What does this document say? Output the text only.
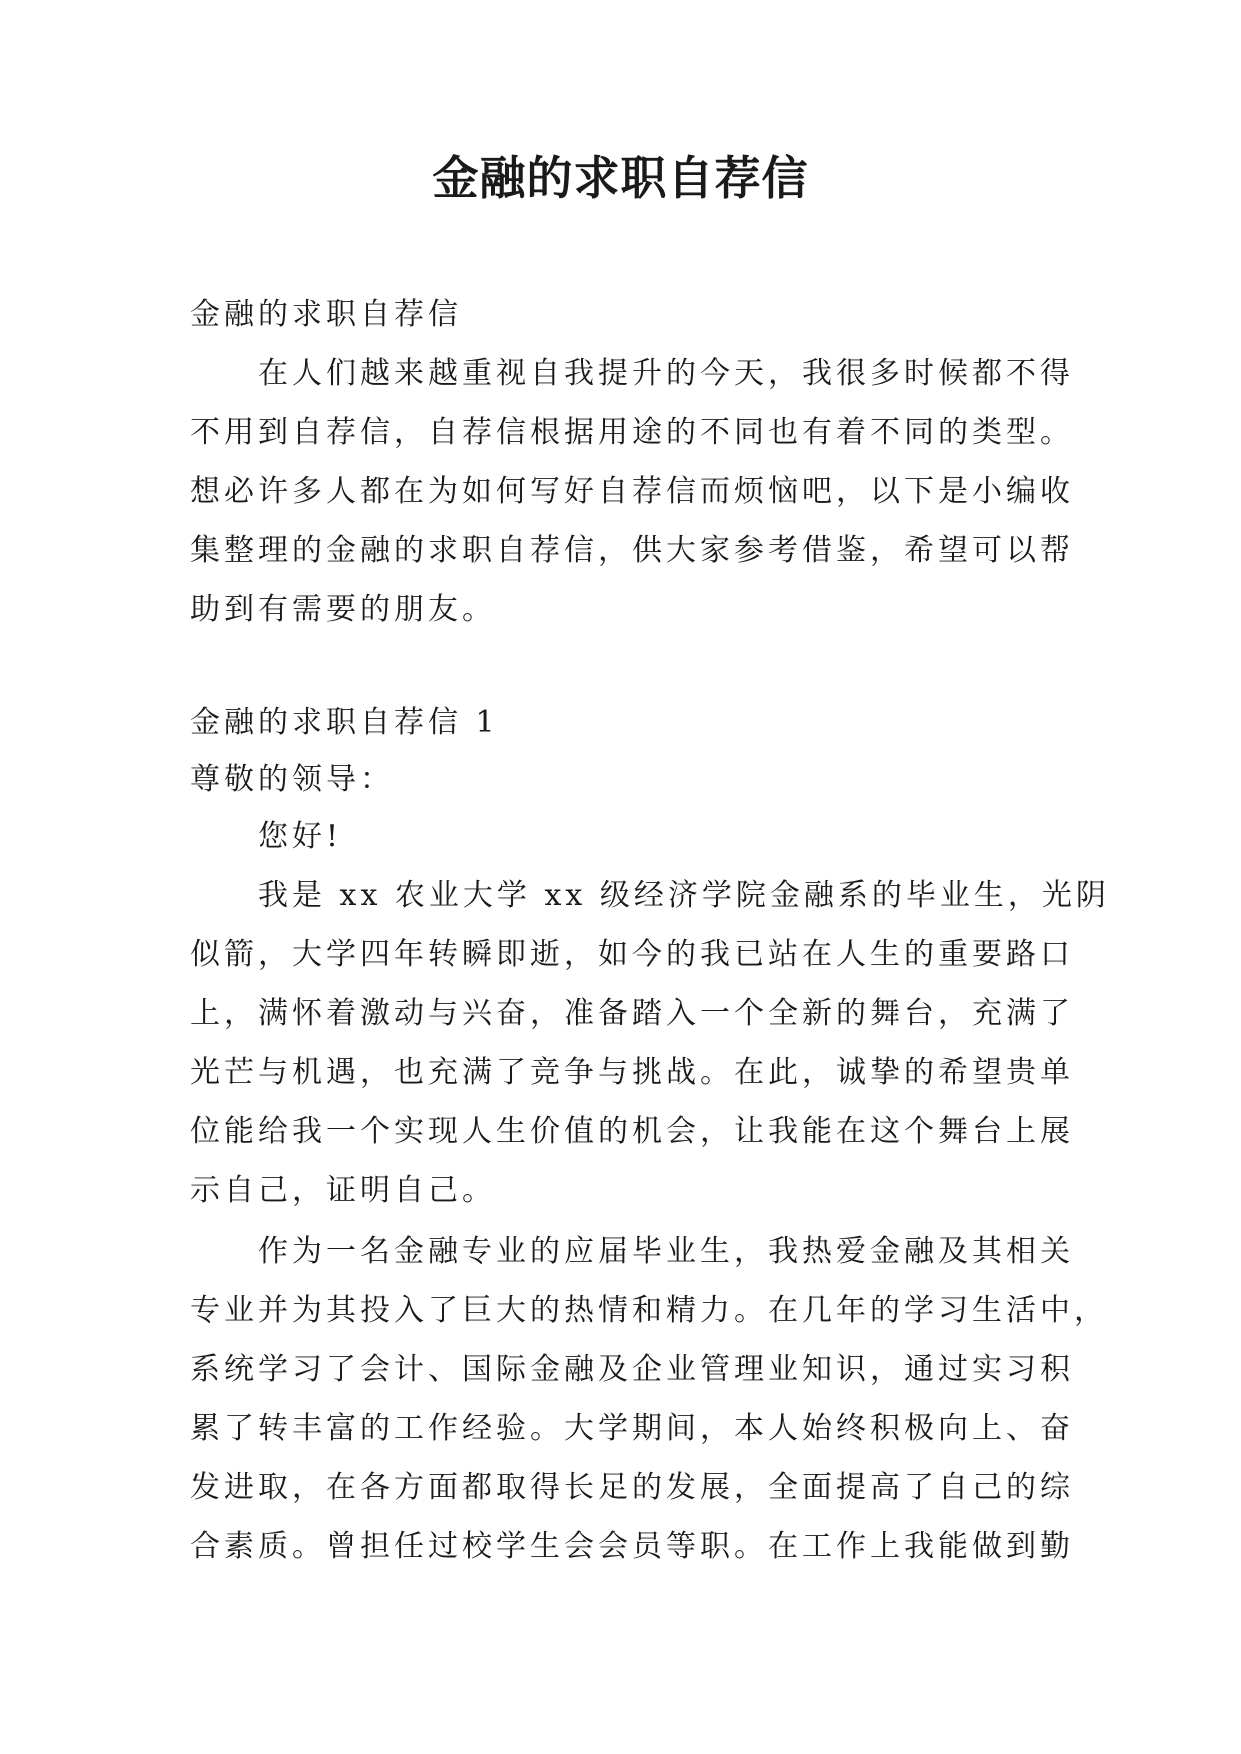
金融的求职自荐信
金融的求职自荐信
在人们越来越重视自我提升的今天，我很多时候都不得
不用到自荐信，自荐信根据用途的不同也有着不同的类型。
想必许多人都在为如何写好自荐信而烦恼吧，以下是小编收
集整理的金融的求职自荐信，供大家参考借鉴，希望可以帮
助到有需要的朋友。
金融的求职自荐信 1
尊敬的领导：
您好!
我是 xx 农业大学 xx 级经济学院金融系的毕业生，光阴
似箭，大学四年转瞬即逝，如今的我已站在人生的重要路口
上，满怀着激动与兴奋，准备踏入一个全新的舞台，充满了
光芒与机遇，也充满了竞争与挑战。在此，诚挚的希望贵单
位能给我一个实现人生价值的机会，让我能在这个舞台上展
示自己，证明自己。
作为一名金融专业的应届毕业生，我热爱金融及其相关
专业并为其投入了巨大的热情和精力。在几年的学习生活中，
系统学习了会计、国际金融及企业管理业知识，通过实习积
累了转丰富的工作经验。大学期间，本人始终积极向上、奋
发进取，在各方面都取得长足的发展，全面提高了自己的综
合素质。曾担任过校学生会会员等职。在工作上我能做到勤
